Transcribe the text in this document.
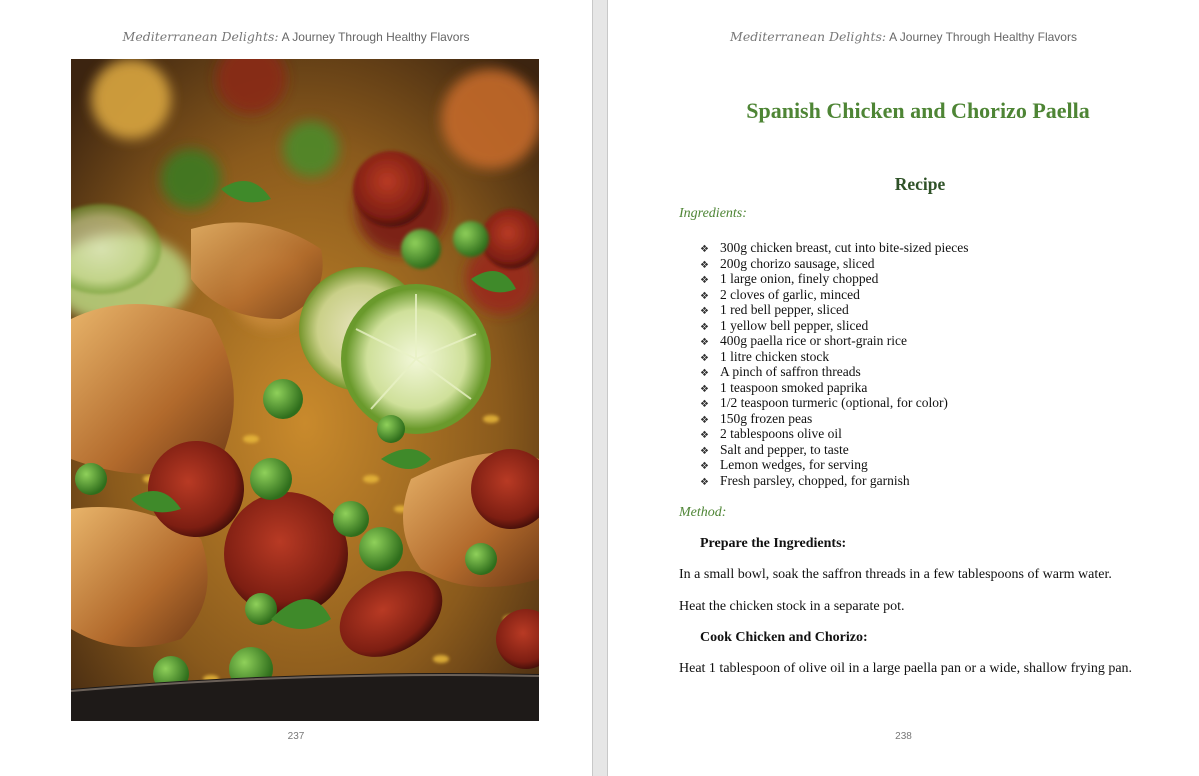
Mediterranean Delights: A Journey Through Healthy Flavors
237
Mediterranean Delights: A Journey Through Healthy Flavors
Spanish Chicken and Chorizo Paella
Recipe
Ingredients:
❖ 300g chicken breast, cut into bite-sized pieces
❖ 200g chorizo sausage, sliced
❖ 1 large onion, finely chopped
❖ 2 cloves of garlic, minced
❖ 1 red bell pepper, sliced
❖ 1 yellow bell pepper, sliced
❖ 400g paella rice or short-grain rice
❖ 1 litre chicken stock
❖ A pinch of saffron threads
❖ 1 teaspoon smoked paprika
❖ 1/2 teaspoon turmeric (optional, for color)
❖ 150g frozen peas
❖ 2 tablespoons olive oil
❖ Salt and pepper, to taste
❖ Lemon wedges, for serving
❖ Fresh parsley, chopped, for garnish
Method:
Prepare the Ingredients:
In a small bowl, soak the saffron threads in a few tablespoons of warm water.
Heat the chicken stock in a separate pot.
Cook Chicken and Chorizo:
Heat 1 tablespoon of olive oil in a large paella pan or a wide, shallow frying pan.
238
